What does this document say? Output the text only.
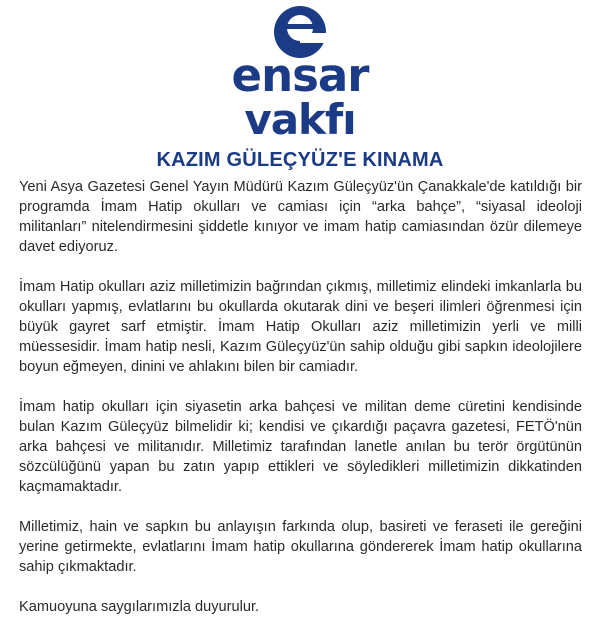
ensar
vakfı
KAZIM GÜLEÇYÜZ'E KINAMA

Yeni Asya Gazetesi Genel Yayın Müdürü Kazım Güleçyüz'ün Çanakkale'de katıldığı bir programda İmam Hatip okulları ve camiası için “arka bahçe”, “siyasal ideoloji militanları” nitelendirmesini şiddetle kınıyor ve imam hatip camiasından özür dilemeye davet ediyoruz.

İmam Hatip okulları aziz milletimizin bağrından çıkmış, milletimiz elindeki imkanlarla bu okulları yapmış, evlatlarını bu okullarda okutarak dini ve beşeri ilimleri öğrenmesi için büyük gayret sarf etmiştir. İmam Hatip Okulları aziz milletimizin yerli ve milli müessesidir. İmam hatip nesli, Kazım Güleçyüz'ün sahip olduğu gibi sapkın ideolojilere boyun eğmeyen, dinini ve ahlakını bilen bir camiadır.

İmam hatip okulları için siyasetin arka bahçesi ve militan deme cüretini kendisinde bulan Kazım Güleçyüz bilmelidir ki; kendisi ve çıkardığı paçavra gazetesi, FETÖ'nün arka bahçesi ve militanıdır. Milletimiz tarafından lanetle anılan bu terör örgütünün sözcülüğünü yapan bu zatın yapıp ettikleri ve söyledikleri milletimizin dikkatinden kaçmamaktadır.

Milletimiz, hain ve sapkın bu anlayışın farkında olup, basireti ve feraseti ile gereğini yerine getirmekte, evlatlarını İmam hatip okullarına göndererek İmam hatip okullarına sahip çıkmaktadır.

Kamuoyuna saygılarımızla duyurulur.
